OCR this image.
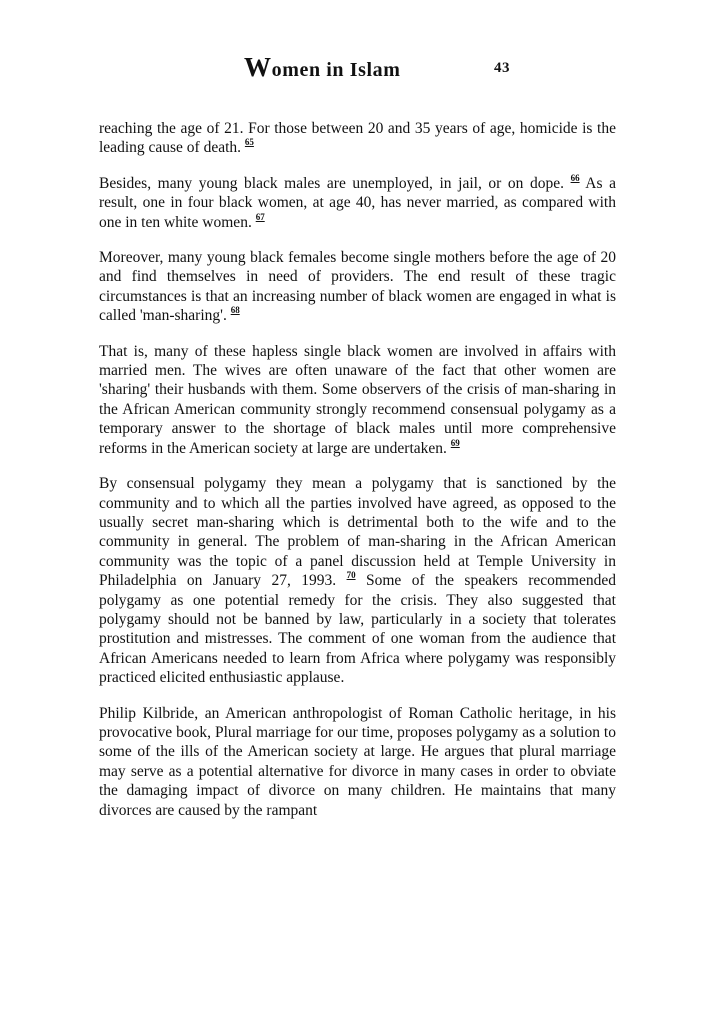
Women in Islam	43

reaching the age of 21. For those between 20 and 35 years of age, homicide is the leading cause of death. $^{65}$

Besides, many young black males are unemployed, in jail, or on dope. $^{66}$ As a result, one in four black women, at age 40, has never married, as compared with one in ten white women. $^{67}$

Moreover, many young black females become single mothers before the age of 20 and find themselves in need of providers. The end result of these tragic circumstances is that an increasing number of black women are engaged in what is called 'man-sharing'. $^{68}$

That is, many of these hapless single black women are involved in affairs with married men. The wives are often unaware of the fact that other women are 'sharing' their husbands with them. Some observers of the crisis of man-sharing in the African American community strongly recommend consensual polygamy as a temporary answer to the shortage of black males until more comprehensive reforms in the American society at large are undertaken. $^{69}$

By consensual polygamy they mean a polygamy that is sanctioned by the community and to which all the parties involved have agreed, as opposed to the usually secret man-sharing which is detrimental both to the wife and to the community in general. The problem of man-sharing in the African American community was the topic of a panel discussion held at Temple University in Philadelphia on January 27, 1993. $^{70}$ Some of the speakers recommended polygamy as one potential remedy for the crisis. They also suggested that polygamy should not be banned by law, particularly in a society that tolerates prostitution and mistresses. The comment of one woman from the audience that African Americans needed to learn from Africa where polygamy was responsibly practiced elicited enthusiastic applause.

Philip Kilbride, an American anthropologist of Roman Catholic heritage, in his provocative book, Plural marriage for our time, proposes polygamy as a solution to some of the ills of the American society at large. He argues that plural marriage may serve as a potential alternative for divorce in many cases in order to obviate the damaging impact of divorce on many children. He maintains that many divorces are caused by the rampant
